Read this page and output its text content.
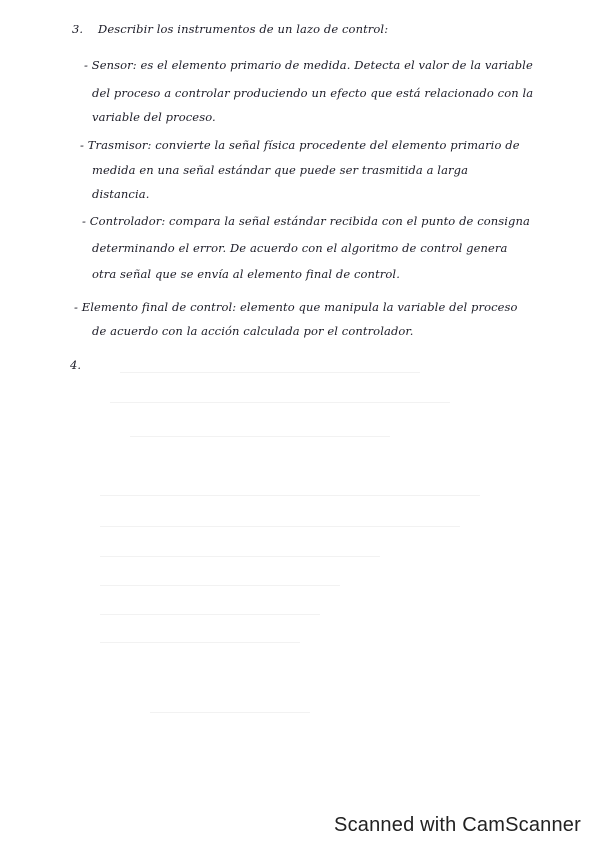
3. Describir los instrumentos de un lazo de control:
- Sensor: es el elemento primario de medida. Detecta el valor de la variable
del proceso a controlar produciendo un efecto que está relacionado con la
variable del proceso.
- Trasmisor: convierte la señal física procedente del elemento primario de
medida en una señal estándar que puede ser trasmitida a larga
distancia.
- Controlador: compara la señal estándar recibida con el punto de consigna
determinando el error. De acuerdo con el algoritmo de control genera
otra señal que se envía al elemento final de control.
- Elemento final de control: elemento que manipula la variable del proceso
de acuerdo con la acción calculada por el controlador.
4.
Scanned with CamScanner
